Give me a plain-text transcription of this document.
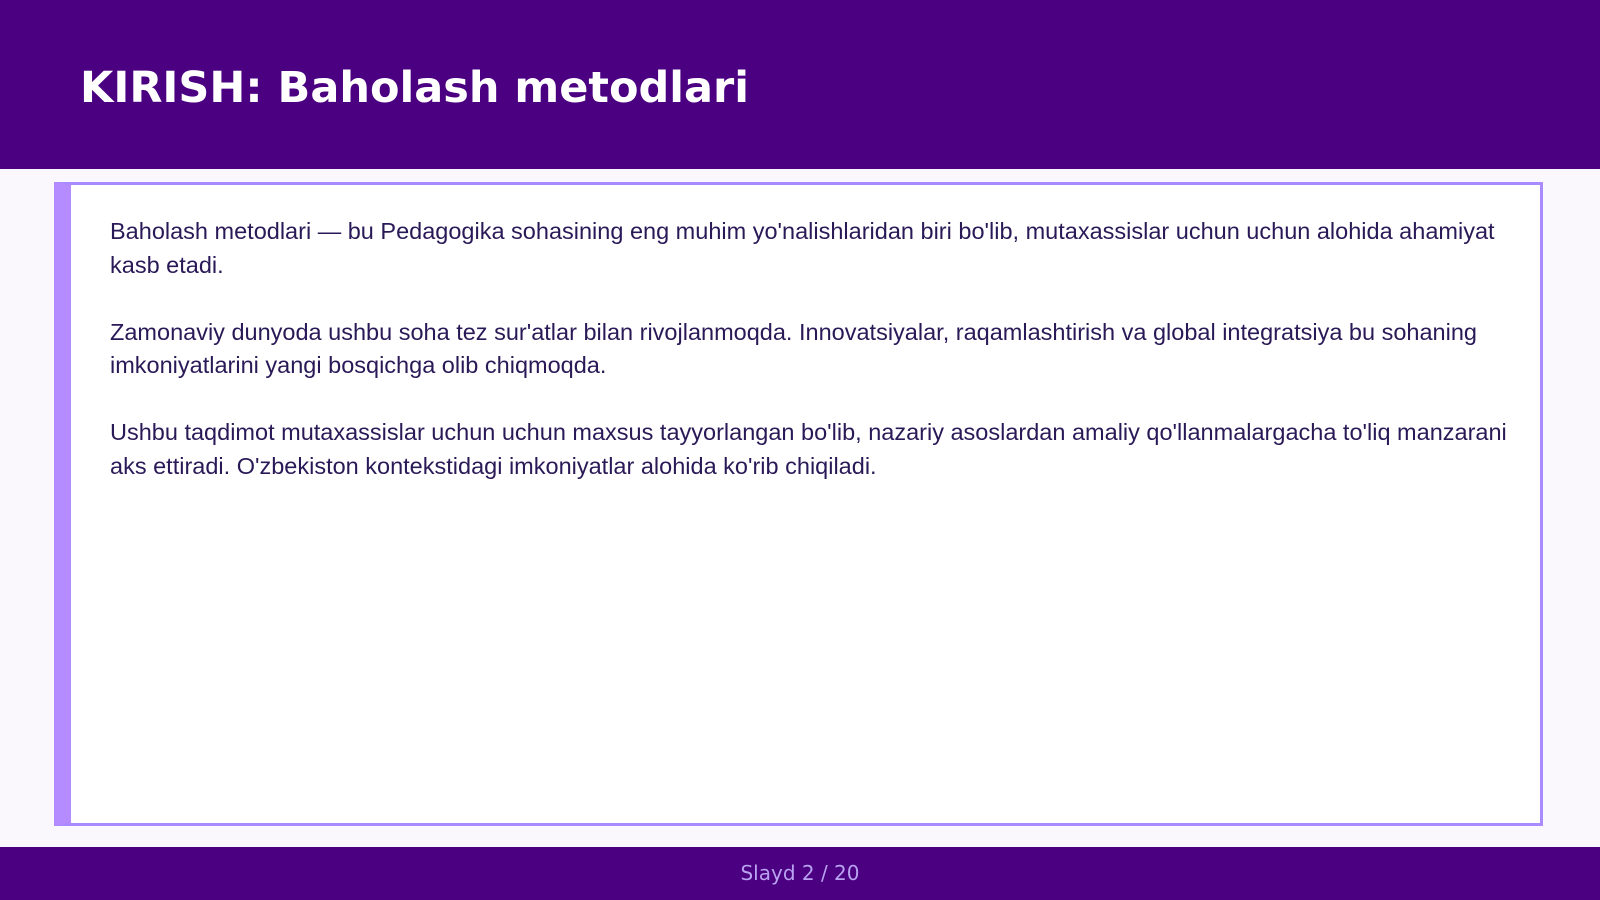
KIRISH: Baholash metodlari

Baholash metodlari — bu Pedagogika sohasining eng muhim yo'nalishlaridan biri bo'lib, mutaxassislar uchun uchun alohida ahamiyat kasb etadi.

Zamonaviy dunyoda ushbu soha tez sur'atlar bilan rivojlanmoqda. Innovatsiyalar, raqamlashtirish va global integratsiya bu sohaning imkoniyatlarini yangi bosqichga olib chiqmoqda.

Ushbu taqdimot mutaxassislar uchun uchun maxsus tayyorlangan bo'lib, nazariy asoslardan amaliy qo'llanmalargacha to'liq manzarani aks ettiradi. O'zbekiston kontekstidagi imkoniyatlar alohida ko'rib chiqiladi.

Slayd 2 / 20
